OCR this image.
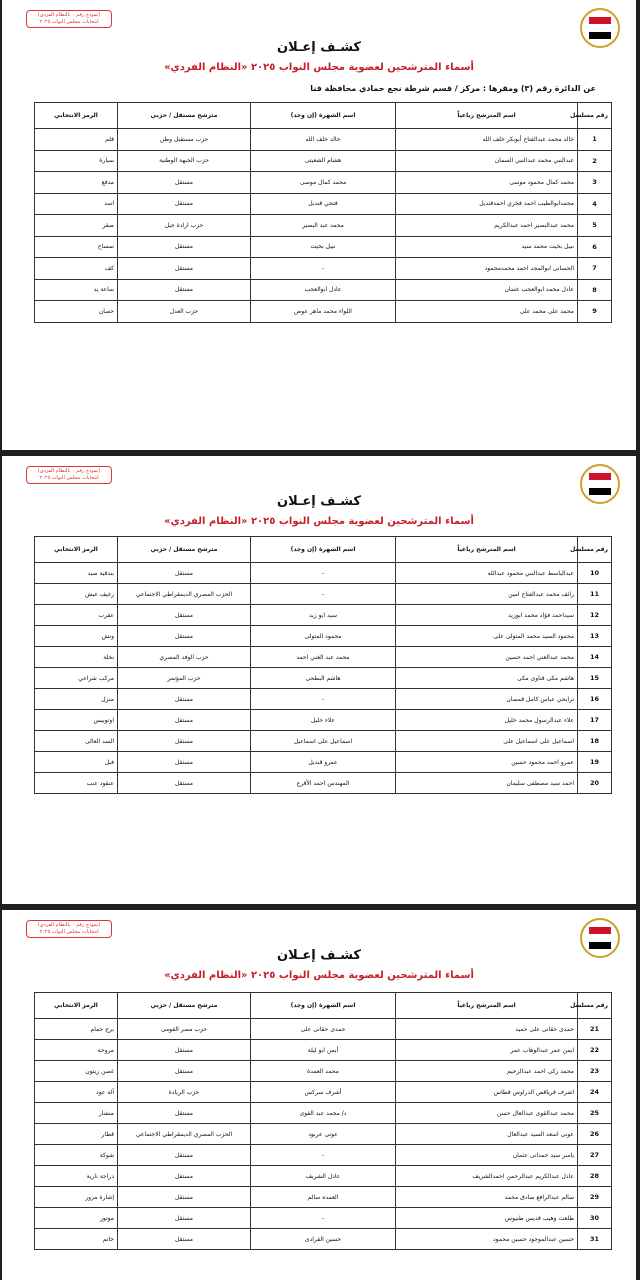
(نموذج رقم ٠ بالنظام الفردي)
انتخابات مجلس النواب ٢٠٢٥
كشـف إعـلان
أسماء المترشحين لعضوية مجلس النواب ٢٠٢٥ «النظام الفردي»
عن الدائرة رقم (٣) ومقرها : مركز / قسم شرطة نجع حمادي محافظة قنا
رقم مسلسل	اسم المترشح رباعياً	اسم الشهرة (إن وجد)	مترشح مستقل / حزبي	الرمز الانتخابي
1	خالد محمد عبدالفتاح أبوبكر خلف الله	خالد خلف الله	حزب مستقبل وطن	قلم
2	عبدالنبي محمد عبدالنبي السمان	هشام الشعيتى	حزب الجبهة الوطنية	سيارة
3	محمد كمال محمود موسى	محمد كمال موسى	مستقل	مدفع
4	محمدابوالطيب احمد فخري احمدقنديل	فتحي قنديل	مستقل	اسد
5	محمد عبدالبصير احمد عبدالكريم	محمد عبد البصير	حزب ارادة جيل	صقر
6	نبيل بخيت محمد سيد	نبيل بخيت	مستقل	تمساح
7	الحسانى ابوالمجد احمد محمدمحمود	-	مستقل	كف
8	عادل محمد ابوالعجب عثمان	عادل ابوالعجب	مستقل	ساعة يد
9	محمد على محمد على	اللواء محمد ماهر عوض	حزب العدل	حصان
(نموذج رقم ٠ بالنظام الفردي)
انتخابات مجلس النواب ٢٠٢٥
كشـف إعـلان
أسماء المترشحين لعضوية مجلس النواب ٢٠٢٥ «النظام الفردي»
رقم مسلسل	اسم المترشح رباعياً	اسم الشهرة (إن وجد)	مترشح مستقل / حزبي	الرمز الانتخابي
10	عبدالباسط عبدالنبي محمود عبدالله	-	مستقل	بندقية صيد
11	رائف محمد عبدالفتاح امين	-	الحزب المصري الديمقراطي الاجتماعي	رغيف عيش
12	سيداحمد فؤاد محمد ابوزيد	سيد ابو زيد	مستقل	عقرب
13	محمود السيد محمد المتولى على	محمود المتولى	مستقل	ونش
14	محمد عبدالغني احمد حسين	محمد عبد الغني احمد	حزب الوفد المصري	نخلة
15	هاشم مكى قناوى مكى	هاشم البطحى	حزب المؤتمر	مركب شراعي
16	ترابحي عباس كامل قمصان	-	مستقل	منزل
17	علاء عبدالرسول محمد خليل	علاء خليل	مستقل	اوتوبيس
18	اسماعيل على اسماعيل على	اسماعيل على اسماعيل	مستقل	السد العالى
19	عمرو احمد محمود حسين	عمرو قنديل	مستقل	فيل
20	احمد سيد مصطفى سليمان	المهندس احمد الأقرع	مستقل	عنقود عنب
(نموذج رقم ٠ بالنظام الفردي)
انتخابات مجلس النواب ٢٠٢٥
كشـف إعـلان
أسماء المترشحين لعضوية مجلس النواب ٢٠٢٥ «النظام الفردي»
رقم مسلسل	اسم المترشح رباعياً	اسم الشهرة (إن وجد)	مترشح مستقل / حزبي	الرمز الانتخابي
21	حمدى حقانى على حميد	حمدى حقانى على	حزب مصر القومى	برج حمام
22	ايمن عمر عبدالوهاب عمر	أيمن ابو ليلة	مستقل	مروحة
23	محمد زكى احمد عبدالرحيم	محمد العمدة	مستقل	غصن زيتون
24	اشرف قرياقص الدراوس قطاس	أشرف سركس	حزب الريادة	آلة عود
25	محمد عبدالقوى عبدالعال حسن	د/ محمد عبد القوى	مستقل	منشار
26	عونى اسعد السيد عبدالعال	عونى عربود	الحزب المصري الديمقراطي الاجتماعي	قطار
27	ياسر سيد حمدانى عثمان	-	مستقل	شوكة
28	عادل عبدالكريم عبدالرحمن احمدالشريف	عادل الشريف	مستقل	دراجة نارية
29	سالم عبدالرافع صادق محمد	العمده سالم	مستقل	إشارة مرور
30	طلعت وهيب قديس طنيوس	-	مستقل	موتور
31	حسين عبدالموجود حسين محمود	حسين القرادى	مستقل	خاتم
